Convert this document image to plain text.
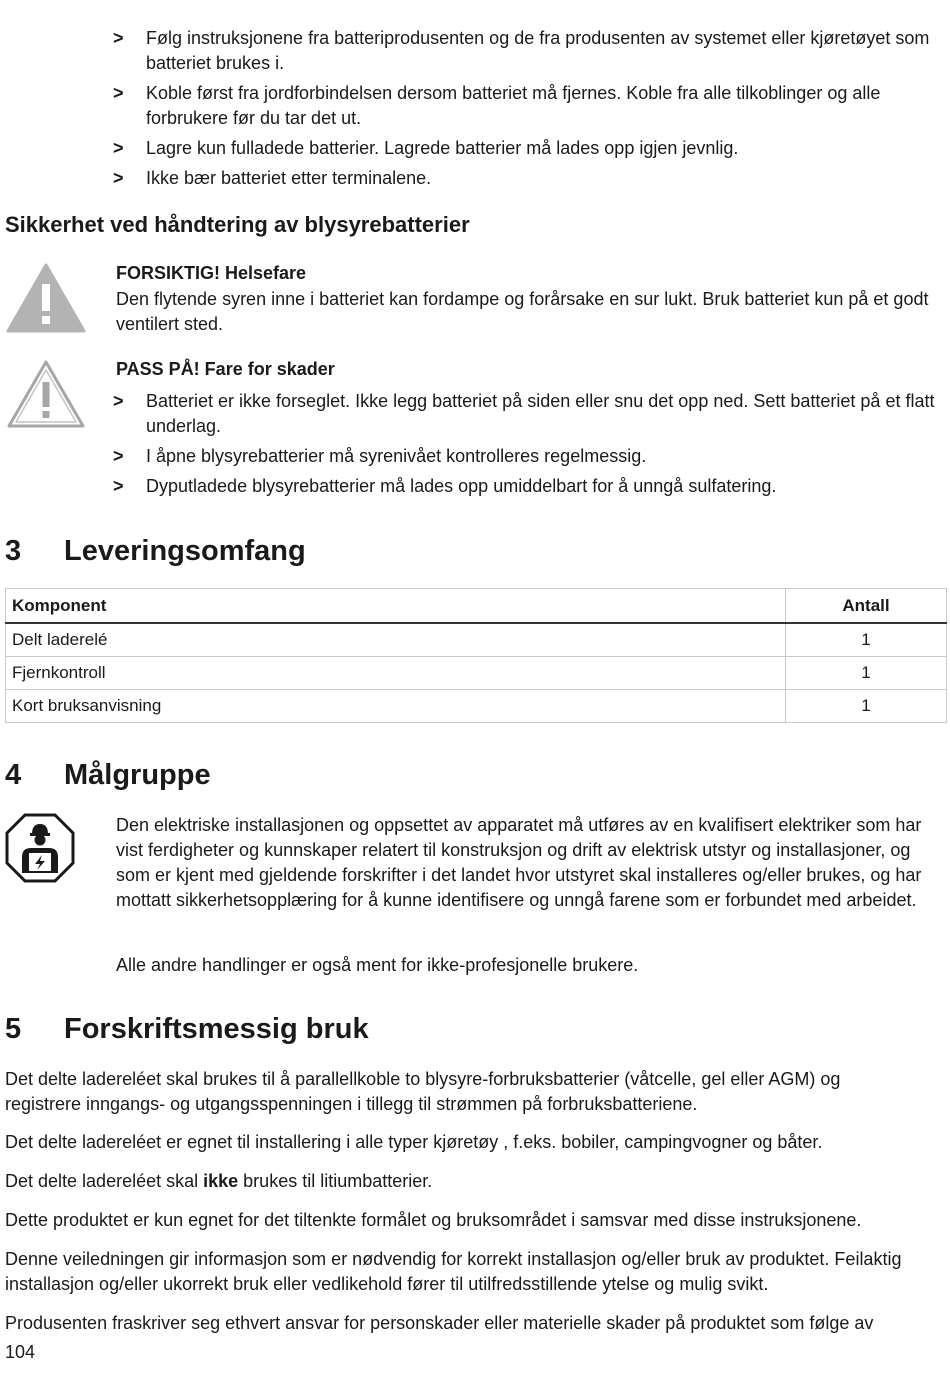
> Følg instruksjonene fra batteriprodusenten og de fra produsenten av systemet eller kjøretøyet som batteriet brukes i.
> Koble først fra jordforbindelsen dersom batteriet må fjernes. Koble fra alle tilkoblinger og alle forbrukere før du tar det ut.
> Lagre kun fulladede batterier. Lagrede batterier må lades opp igjen jevnlig.
> Ikke bær batteriet etter terminalene.
Sikkerhet ved håndtering av blysyrebatterier
FORSIKTIG! Helsefare
Den flytende syren inne i batteriet kan fordampe og forårsake en sur lukt. Bruk batteriet kun på et godt ventilert sted.
PASS PÅ! Fare for skader
> Batteriet er ikke forseglet. Ikke legg batteriet på siden eller snu det opp ned. Sett batteriet på et flatt underlag.
> I åpne blysyrebatterier må syrenivået kontrolleres regelmessig.
> Dyputladede blysyrebatterier må lades opp umiddelbart for å unngå sulfatering.
3 Leveringsomfang
Komponent	Antall
Delt laderelé	1
Fjernkontroll	1
Kort bruksanvisning	1
4 Målgruppe
Den elektriske installasjonen og oppsettet av apparatet må utføres av en kvalifisert elektriker som har vist ferdigheter og kunnskaper relatert til konstruksjon og drift av elektrisk utstyr og installasjoner, og som er kjent med gjeldende forskrifter i det landet hvor utstyret skal installeres og/eller brukes, og har mottatt sikkerhetsopplæring for å kunne identifisere og unngå farene som er forbundet med arbeidet.
Alle andre handlinger er også ment for ikke-profesjonelle brukere.
5 Forskriftsmessig bruk
Det delte ladereléet skal brukes til å parallellkoble to blysyre-forbruksbatterier (våtcelle, gel eller AGM) og registrere inngangs- og utgangsspenningen i tillegg til strømmen på forbruksbatteriene.
Det delte ladereléet er egnet til installering i alle typer kjøretøy , f.eks. bobiler, campingvogner og båter.
Det delte ladereléet skal ikke brukes til litiumbatterier.
Dette produktet er kun egnet for det tiltenkte formålet og bruksområdet i samsvar med disse instruksjonene.
Denne veiledningen gir informasjon som er nødvendig for korrekt installasjon og/eller bruk av produktet. Feilaktig installasjon og/eller ukorrekt bruk eller vedlikehold fører til utilfredsstillende ytelse og mulig svikt.
Produsenten fraskriver seg ethvert ansvar for personskader eller materielle skader på produktet som følge av
104
